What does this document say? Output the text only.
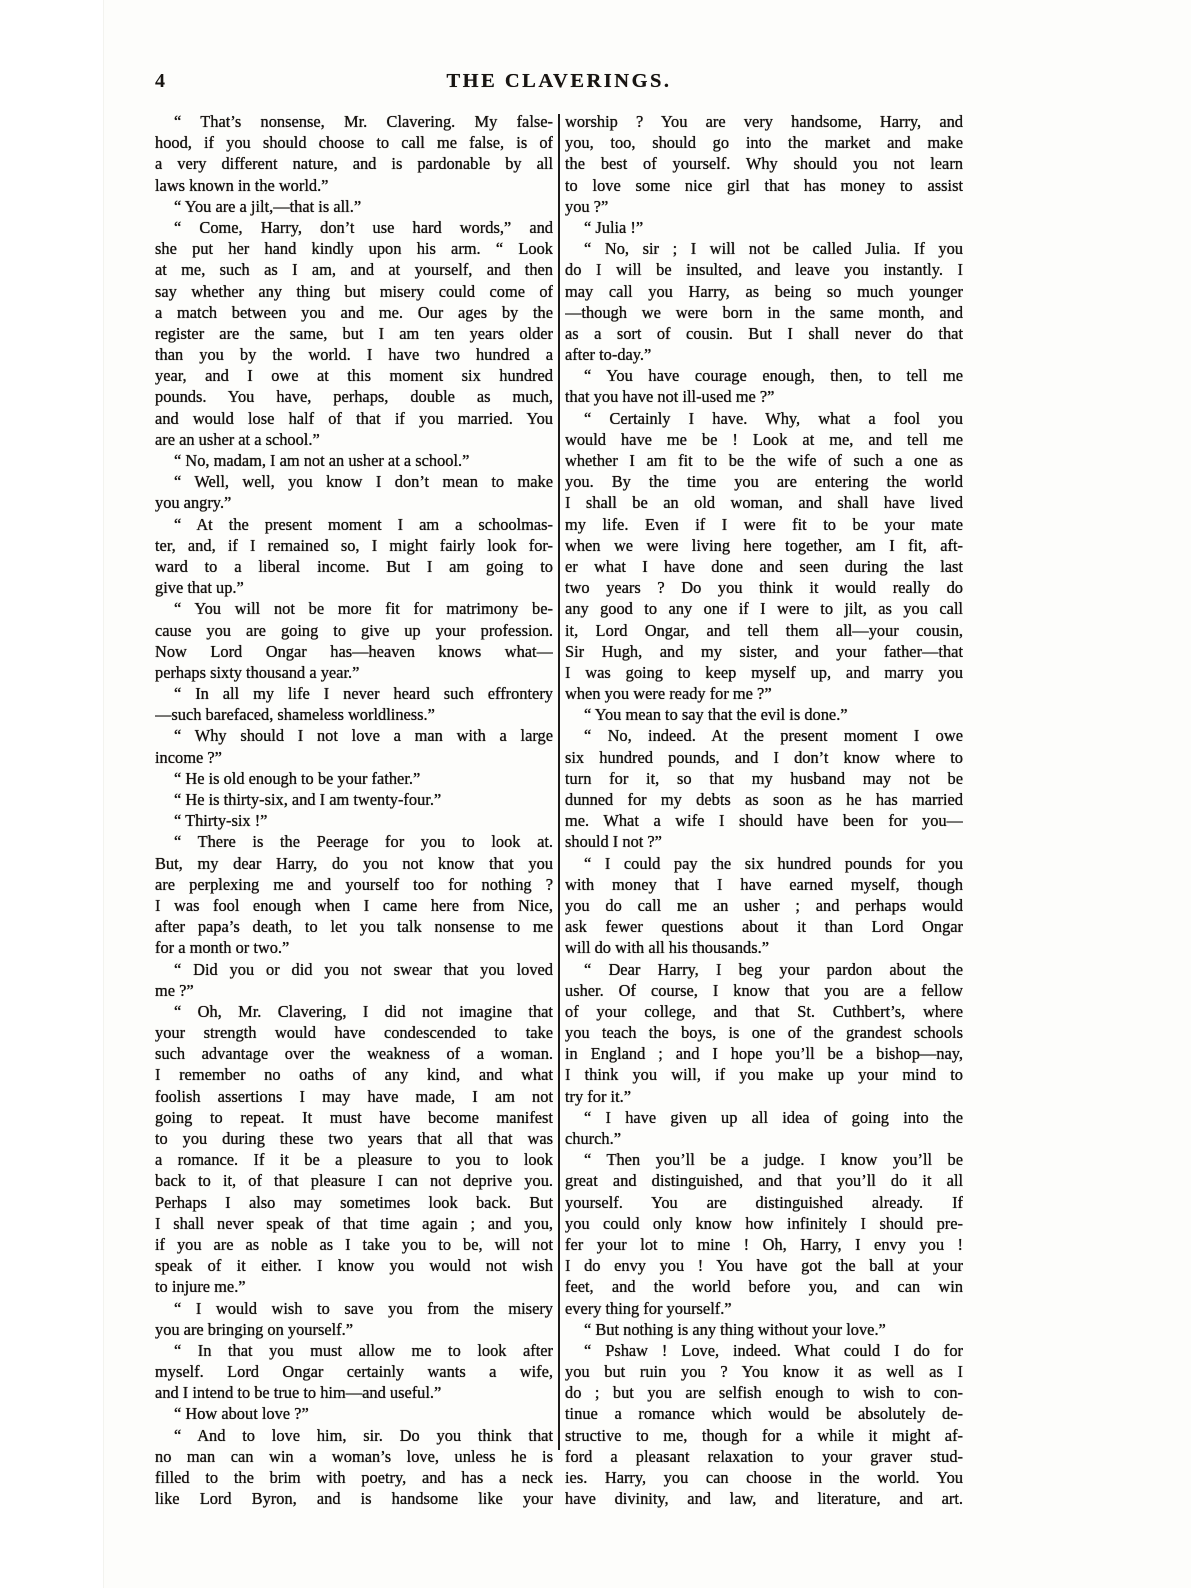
4	THE CLAVERINGS.
“ That’s nonsense, Mr. Clavering. My false-
hood, if you should choose to call me false, is of
a very different nature, and is pardonable by all
laws known in the world.”
“ You are a jilt,—that is all.”
“ Come, Harry, don’t use hard words,” and
she put her hand kindly upon his arm. “ Look
at me, such as I am, and at yourself, and then
say whether any thing but misery could come of
a match between you and me. Our ages by the
register are the same, but I am ten years older
than you by the world. I have two hundred a
year, and I owe at this moment six hundred
pounds. You have, perhaps, double as much,
and would lose half of that if you married. You
are an usher at a school.”
“ No, madam, I am not an usher at a school.”
“ Well, well, you know I don’t mean to make
you angry.”
“ At the present moment I am a schoolmas-
ter, and, if I remained so, I might fairly look for-
ward to a liberal income. But I am going to
give that up.”
“ You will not be more fit for matrimony be-
cause you are going to give up your profession.
Now Lord Ongar has—heaven knows what—
perhaps sixty thousand a year.”
“ In all my life I never heard such effrontery
—such barefaced, shameless worldliness.”
“ Why should I not love a man with a large
income ?”
“ He is old enough to be your father.”
“ He is thirty-six, and I am twenty-four.”
“ Thirty-six !”
“ There is the Peerage for you to look at.
But, my dear Harry, do you not know that you
are perplexing me and yourself too for nothing ?
I was fool enough when I came here from Nice,
after papa’s death, to let you talk nonsense to me
for a month or two.”
“ Did you or did you not swear that you loved
me ?”
“ Oh, Mr. Clavering, I did not imagine that
your strength would have condescended to take
such advantage over the weakness of a woman.
I remember no oaths of any kind, and what
foolish assertions I may have made, I am not
going to repeat. It must have become manifest
to you during these two years that all that was
a romance. If it be a pleasure to you to look
back to it, of that pleasure I can not deprive you.
Perhaps I also may sometimes look back. But
I shall never speak of that time again ; and you,
if you are as noble as I take you to be, will not
speak of it either. I know you would not wish
to injure me.”
“ I would wish to save you from the misery
you are bringing on yourself.”
“ In that you must allow me to look after
myself. Lord Ongar certainly wants a wife,
and I intend to be true to him—and useful.”
“ How about love ?”
“ And to love him, sir. Do you think that
no man can win a woman’s love, unless he is
filled to the brim with poetry, and has a neck
like Lord Byron, and is handsome like your
worship ? You are very handsome, Harry, and
you, too, should go into the market and make
the best of yourself. Why should you not learn
to love some nice girl that has money to assist
you ?”
“ Julia !”
“ No, sir ; I will not be called Julia. If you
do I will be insulted, and leave you instantly. I
may call you Harry, as being so much younger
—though we were born in the same month, and
as a sort of cousin. But I shall never do that
after to-day.”
“ You have courage enough, then, to tell me
that you have not ill-used me ?”
“ Certainly I have. Why, what a fool you
would have me be ! Look at me, and tell me
whether I am fit to be the wife of such a one as
you. By the time you are entering the world
I shall be an old woman, and shall have lived
my life. Even if I were fit to be your mate
when we were living here together, am I fit, aft-
er what I have done and seen during the last
two years ? Do you think it would really do
any good to any one if I were to jilt, as you call
it, Lord Ongar, and tell them all—your cousin,
Sir Hugh, and my sister, and your father—that
I was going to keep myself up, and marry you
when you were ready for me ?”
“ You mean to say that the evil is done.”
“ No, indeed. At the present moment I owe
six hundred pounds, and I don’t know where to
turn for it, so that my husband may not be
dunned for my debts as soon as he has married
me. What a wife I should have been for you—
should I not ?”
“ I could pay the six hundred pounds for you
with money that I have earned myself, though
you do call me an usher ; and perhaps would
ask fewer questions about it than Lord Ongar
will do with all his thousands.”
“ Dear Harry, I beg your pardon about the
usher. Of course, I know that you are a fellow
of your college, and that St. Cuthbert’s, where
you teach the boys, is one of the grandest schools
in England ; and I hope you’ll be a bishop—nay,
I think you will, if you make up your mind to
try for it.”
“ I have given up all idea of going into the
church.”
“ Then you’ll be a judge. I know you’ll be
great and distinguished, and that you’ll do it all
yourself. You are distinguished already. If
you could only know how infinitely I should pre-
fer your lot to mine ! Oh, Harry, I envy you !
I do envy you ! You have got the ball at your
feet, and the world before you, and can win
every thing for yourself.”
“ But nothing is any thing without your love.”
“ Pshaw ! Love, indeed. What could I do for
you but ruin you ? You know it as well as I
do ; but you are selfish enough to wish to con-
tinue a romance which would be absolutely de-
structive to me, though for a while it might af-
ford a pleasant relaxation to your graver stud-
ies. Harry, you can choose in the world. You
have divinity, and law, and literature, and art.
